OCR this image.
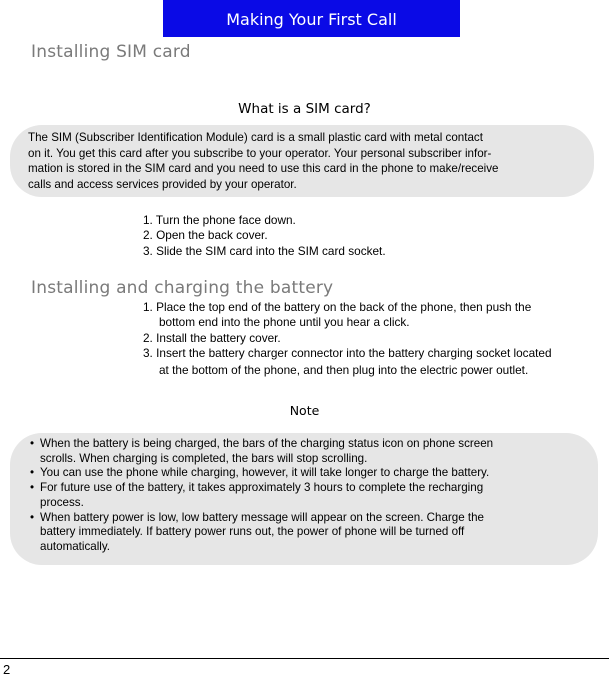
Making Your First Call
Installing SIM card
What is a SIM card?
The SIM (Subscriber Identification Module) card is a small plastic card with metal contact
on it. You get this card after you subscribe to your operator. Your personal subscriber infor-
mation is stored in the SIM card and you need to use this card in the phone to make/receive
calls and access services provided by your operator.
1. Turn the phone face down.
2. Open the back cover.
3. Slide the SIM card into the SIM card socket.
Installing and charging the battery
1. Place the top end of the battery on the back of the phone, then push the
bottom end into the phone until you hear a click.
2. Install the battery cover.
3. Insert the battery charger connector into the battery charging socket located
at the bottom of the phone, and then plug into the electric power outlet.
Note
• When the battery is being charged, the bars of the charging status icon on phone screen
scrolls. When charging is completed, the bars will stop scrolling.
• You can use the phone while charging, however, it will take longer to charge the battery.
• For future use of the battery, it takes approximately 3 hours to complete the recharging
process.
• When battery power is low, low battery message will appear on the screen. Charge the
battery immediately. If battery power runs out, the power of phone will be turned off
automatically.
2
